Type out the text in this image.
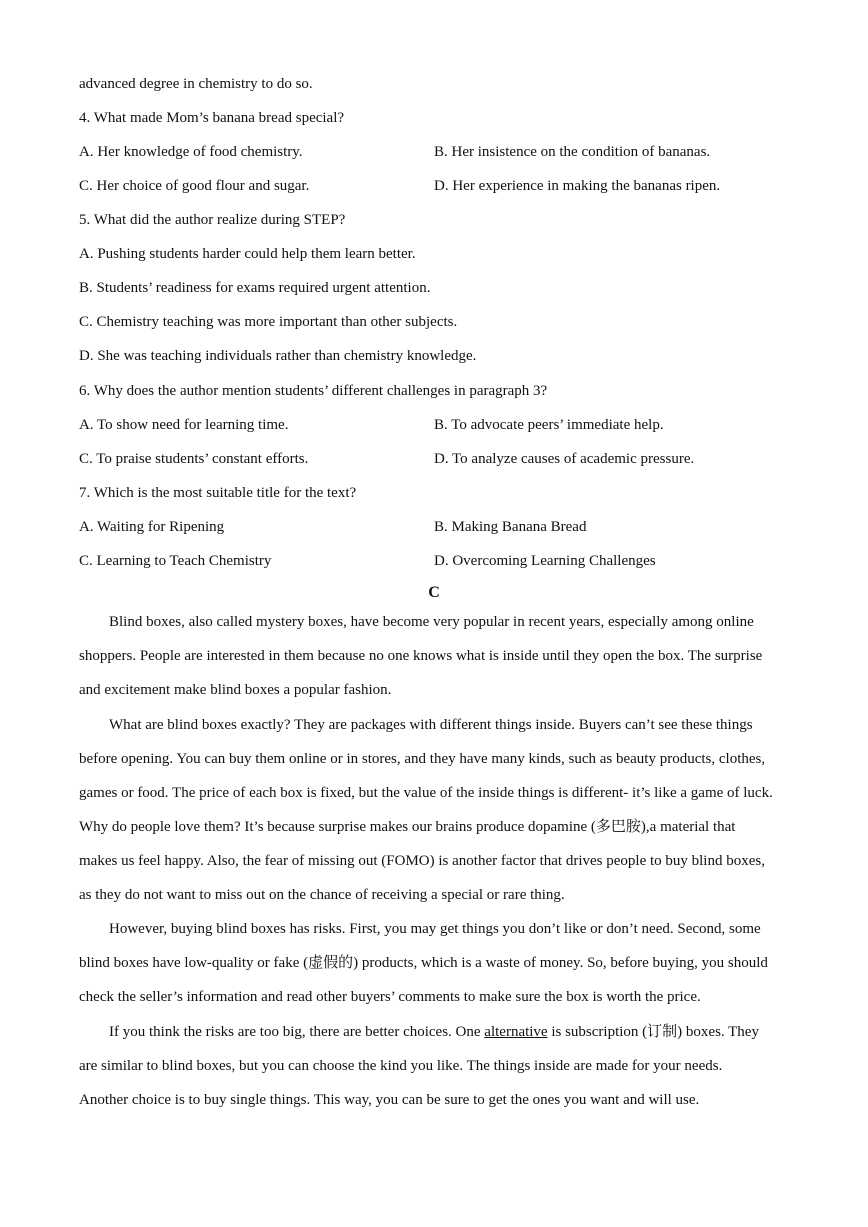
advanced degree in chemistry to do so.
4. What made Mom’s banana bread special?
A. Her knowledge of food chemistry.	B. Her insistence on the condition of bananas.
C. Her choice of good flour and sugar.	D. Her experience in making the bananas ripen.
5. What did the author realize during STEP?
A. Pushing students harder could help them learn better.
B. Students’ readiness for exams required urgent attention.
C. Chemistry teaching was more important than other subjects.
D. She was teaching individuals rather than chemistry knowledge.
6. Why does the author mention students’ different challenges in paragraph 3?
A. To show need for learning time.	B. To advocate peers’ immediate help.
C. To praise students’ constant efforts.	D. To analyze causes of academic pressure.
7. Which is the most suitable title for the text?
A. Waiting for Ripening	B. Making Banana Bread
C. Learning to Teach Chemistry	D. Overcoming Learning Challenges
C
Blind boxes, also called mystery boxes, have become very popular in recent years, especially among online
shoppers. People are interested in them because no one knows what is inside until they open the box. The surprise
and excitement make blind boxes a popular fashion.
What are blind boxes exactly? They are packages with different things inside. Buyers can’t see these things
before opening. You can buy them online or in stores, and they have many kinds, such as beauty products, clothes,
games or food. The price of each box is fixed, but the value of the inside things is different- it’s like a game of luck.
Why do people love them? It’s because surprise makes our brains produce dopamine (多巴胺),a material that
makes us feel happy. Also, the fear of missing out (FOMO) is another factor that drives people to buy blind boxes,
as they do not want to miss out on the chance of receiving a special or rare thing.
However, buying blind boxes has risks. First, you may get things you don’t like or don’t need. Second, some
blind boxes have low-quality or fake (虚假的) products, which is a waste of money. So, before buying, you should
check the seller’s information and read other buyers’ comments to make sure the box is worth the price.
If you think the risks are too big, there are better choices. One alternative is subscription (订制) boxes. They
are similar to blind boxes, but you can choose the kind you like. The things inside are made for your needs.
Another choice is to buy single things. This way, you can be sure to get the ones you want and will use.
